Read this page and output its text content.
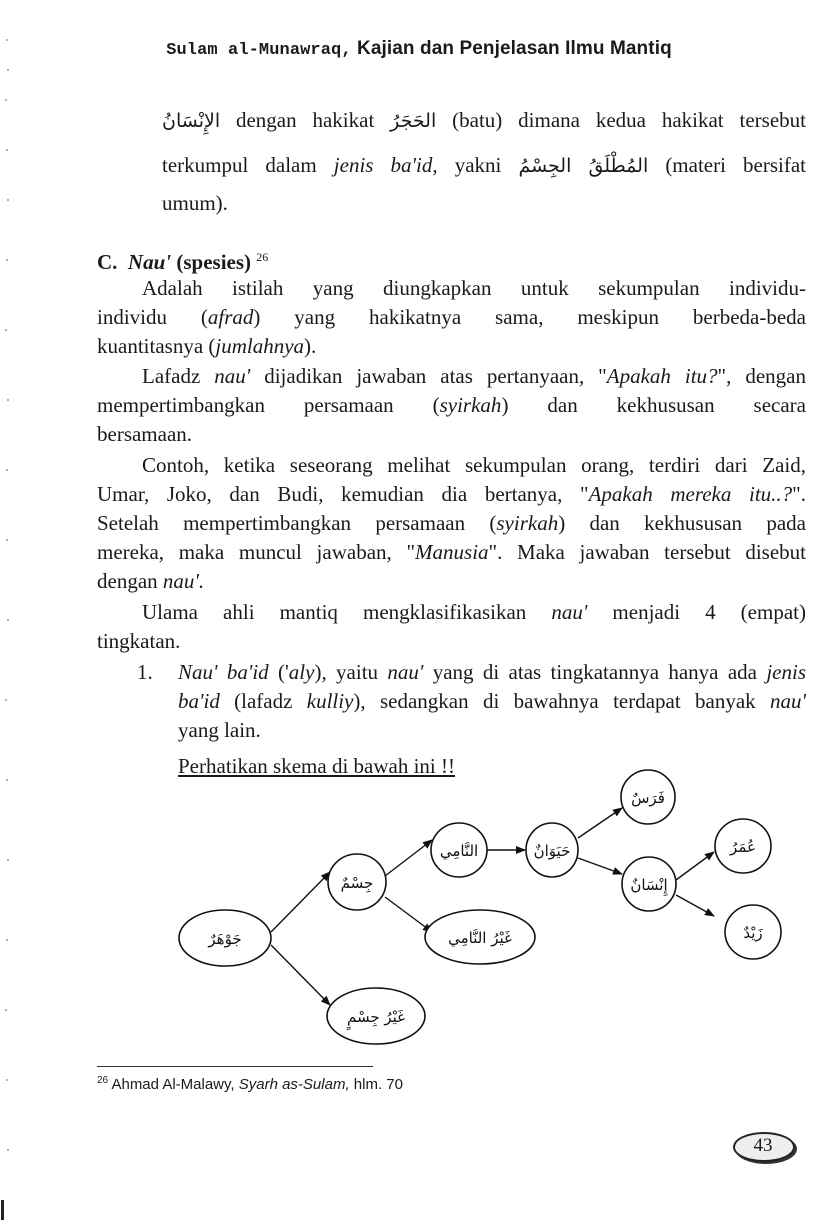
Sulam al-Munawraq, Kajian dan Penjelasan Ilmu Mantiq
الإِنْسَانُ dengan hakikat الحَجَرُ (batu) dimana kedua hakikat tersebut
terkumpul dalam jenis ba'id, yakni الجِسْمُ المُطْلَقُ (materi bersifat
umum).
C. Nau' (spesies) $^{26}$
Adalah istilah yang diungkapkan untuk sekumpulan individu-
individu (afrad) yang hakikatnya sama, meskipun berbeda-beda
kuantitasnya (jumlahnya).
Lafadz nau' dijadikan jawaban atas pertanyaan, "Apakah itu?", dengan
mempertimbangkan persamaan (syirkah) dan kekhususan secara
bersamaan.
Contoh, ketika seseorang melihat sekumpulan orang, terdiri dari Zaid,
Umar, Joko, dan Budi, kemudian dia bertanya, "Apakah mereka itu..?".
Setelah mempertimbangkan persamaan (syirkah) dan kekhususan pada
mereka, maka muncul jawaban, "Manusia". Maka jawaban tersebut disebut
dengan nau'.
Ulama ahli mantiq mengklasifikasikan nau' menjadi 4 (empat)
tingkatan.
1. Nau' ba'id ('aly), yaitu nau' yang di atas tingkatannya hanya ada jenis
ba'id (lafadz kulliy), sedangkan di bawahnya terdapat banyak nau'
yang lain.
Perhatikan skema di bawah ini !!
جَوْهَرٌ
جِسْمٌ
غَيْرُ جِسْمٍ
النَّامِي
غَيْرُ النَّامِي
حَيَوَانٌ
فَرَسٌ
إِنْسَانٌ
عُمَرُ
زَيْدٌ
$^{26}$ Ahmad Al-Malawy, Syarh as-Sulam, hlm. 70
43
